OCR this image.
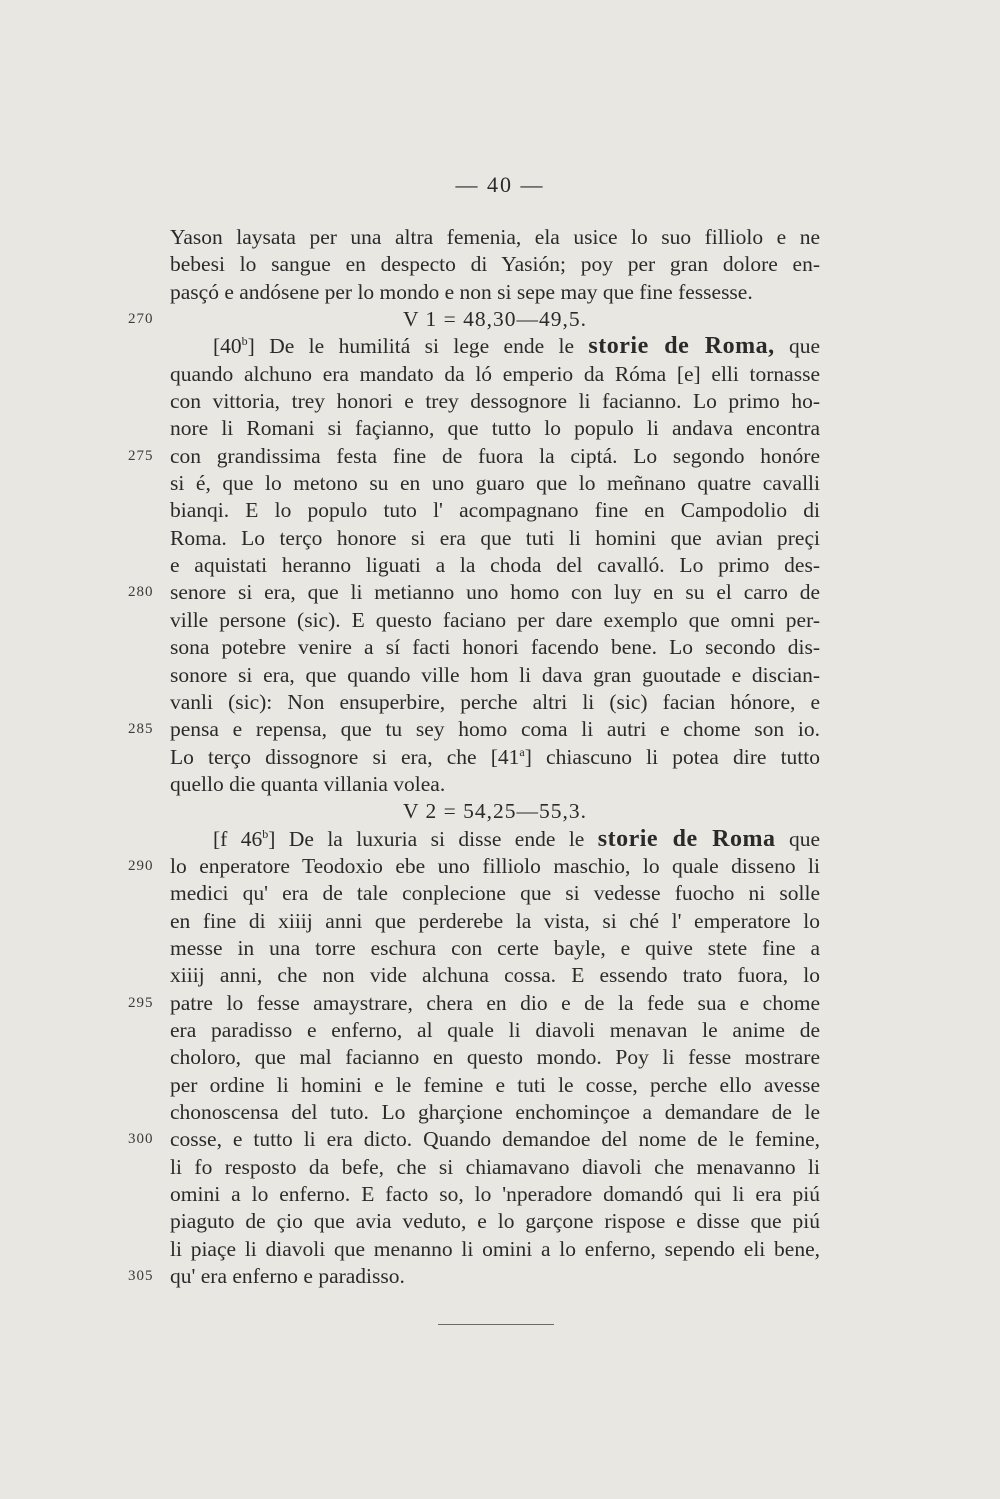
— 40 —
Yason laysata per una altra femenia, ela usice lo suo filliolo e ne
bebesi lo sangue en despecto di Yasión; poy per gran dolore en-
pasçó e andósene per lo mondo e non si sepe may que fine fessesse.
270	V 1 = 48,30—49,5.
[40$^b$] De le humilitá si lege ende le storie de Roma, que
quando alchuno era mandato da ló emperio da Róma [e] elli tornasse
con vittoria, trey honori e trey dessognore li facianno. Lo primo ho-
nore li Romani si façianno, que tutto lo populo li andava encontra
275 con grandissima festa fine de fuora la ciptá. Lo segondo honóre
si é, que lo metono su en uno guaro que lo meñnano quatre cavalli
bianqi. E lo populo tuto l' acompagnano fine en Campodolio di
Roma. Lo terço honore si era que tuti li homini que avian preçi
e aquistati heranno liguati a la choda del cavalló. Lo primo des-
280 senore si era, que li metianno uno homo con luy en su el carro de
ville persone (sic). E questo faciano per dare exemplo que omni per-
sona potebre venire a sí facti honori facendo bene. Lo secondo dis-
sonore si era, que quando ville hom li dava gran guoutade e discian-
vanli (sic): Non ensuperbire, perche altri li (sic) facian hónore, e
285 pensa e repensa, que tu sey homo coma li autri e chome son io.
Lo terço dissognore si era, che [41$^a$] chiascuno li potea dire tutto
quello die quanta villania volea.
V 2 = 54,25—55,3.
[f 46$^b$] De la luxuria si disse ende le storie de Roma que
290 lo enperatore Teodoxio ebe uno filliolo maschio, lo quale disseno li
medici qu' era de tale conplecione que si vedesse fuocho ni solle
en fine di xiiij anni que perderebe la vista, si ché l' emperatore lo
messe in una torre eschura con certe bayle, e quive stete fine a
xiiij anni, che non vide alchuna cossa. E essendo trato fuora, lo
295 patre lo fesse amaystrare, chera en dio e de la fede sua e chome
era paradisso e enferno, al quale li diavoli menavan le anime de
choloro, que mal facianno en questo mondo. Poy li fesse mostrare
per ordine li homini e le femine e tuti le cosse, perche ello avesse
chonoscensa del tuto. Lo gharçione enchominçoe a demandare de le
300 cosse, e tutto li era dicto. Quando demandoe del nome de le femine,
li fo resposto da befe, che si chiamavano diavoli che menavanno li
omini a lo enferno. E facto so, lo 'nperadore domandó qui li era piú
piaguto de çio que avia veduto, e lo garçone rispose e disse que piú
li piaçe li diavoli que menanno li omini a lo enferno, sependo eli bene,
305 qu' era enferno e paradisso.
